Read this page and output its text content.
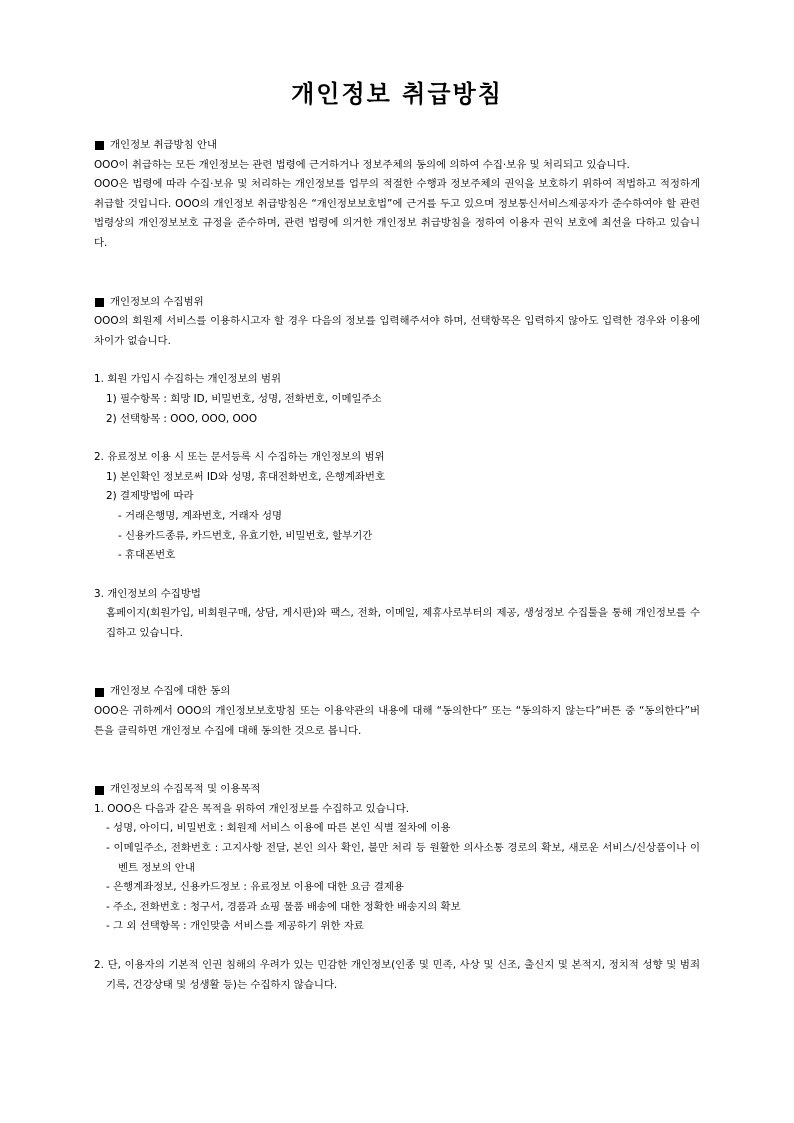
개인정보 취급방침
개인정보 취급방침 안내
OOO이 취급하는 모든 개인정보는 관련 법령에 근거하거나 정보주체의 동의에 의하여 수집·보유 및 처리되고 있습니다.
OOO은 법령에 따라 수집·보유 및 처리하는 개인정보를 업무의 적절한 수행과 정보주체의 권익을 보호하기 위하여 적법하고 적정하게 취급할 것입니다. OOO의 개인정보 취급방침은 “개인정보보호법”에 근거를 두고 있으며 정보통신서비스제공자가 준수하여야 할 관련 법령상의 개인정보보호 규정을 준수하며, 관련 법령에 의거한 개인정보 취급방침을 정하여 이용자 권익 보호에 최선을 다하고 있습니다.
개인정보의 수집범위
OOO의 회원제 서비스를 이용하시고자 할 경우 다음의 정보를 입력해주셔야 하며, 선택항목은 입력하지 않아도 입력한 경우와 이용에 차이가 없습니다.
1. 회원 가입시 수집하는 개인정보의 범위
1) 필수항목 : 희망 ID, 비밀번호, 성명, 전화번호, 이메일주소
2) 선택항목 : OOO, OOO, OOO
2. 유료정보 이용 시 또는 문서등록 시 수집하는 개인정보의 범위
1) 본인확인 정보로써 ID와 성명, 휴대전화번호, 은행계좌번호
2) 결제방법에 따라
- 거래은행명, 계좌번호, 거래자 성명
- 신용카드종류, 카드번호, 유효기한, 비밀번호, 할부기간
- 휴대폰번호
3. 개인정보의 수집방법
홈페이지(회원가입, 비회원구매, 상담, 게시판)와 팩스, 전화, 이메일, 제휴사로부터의 제공, 생성정보 수집툴을 통해 개인정보를 수집하고 있습니다.
개인정보 수집에 대한 동의
OOO은 귀하께서 OOO의 개인정보보호방침 또는 이용약관의 내용에 대해 “동의한다” 또는 “동의하지 않는다”버튼 중 “동의한다”버튼을 클릭하면 개인정보 수집에 대해 동의한 것으로 봅니다.
개인정보의 수집목적 및 이용목적
1. OOO은 다음과 같은 목적을 위하여 개인정보를 수집하고 있습니다.
- 성명, 아이디, 비밀번호 : 회원제 서비스 이용에 따른 본인 식별 절차에 이용
- 이메일주소, 전화번호 : 고지사항 전달, 본인 의사 확인, 불만 처리 등 원활한 의사소통 경로의 확보, 새로운 서비스/신상품이나 이벤트 정보의 안내
- 은행계좌정보, 신용카드정보 : 유료정보 이용에 대한 요금 결제용
- 주소, 전화번호 : 청구서, 경품과 쇼핑 물품 배송에 대한 정확한 배송지의 확보
- 그 외 선택항목 : 개인맞춤 서비스를 제공하기 위한 자료
2. 단, 이용자의 기본적 인권 침해의 우려가 있는 민감한 개인정보(인종 및 민족, 사상 및 신조, 출신지 및 본적지, 정치적 성향 및 범죄기록, 건강상태 및 성생활 등)는 수집하지 않습니다.
